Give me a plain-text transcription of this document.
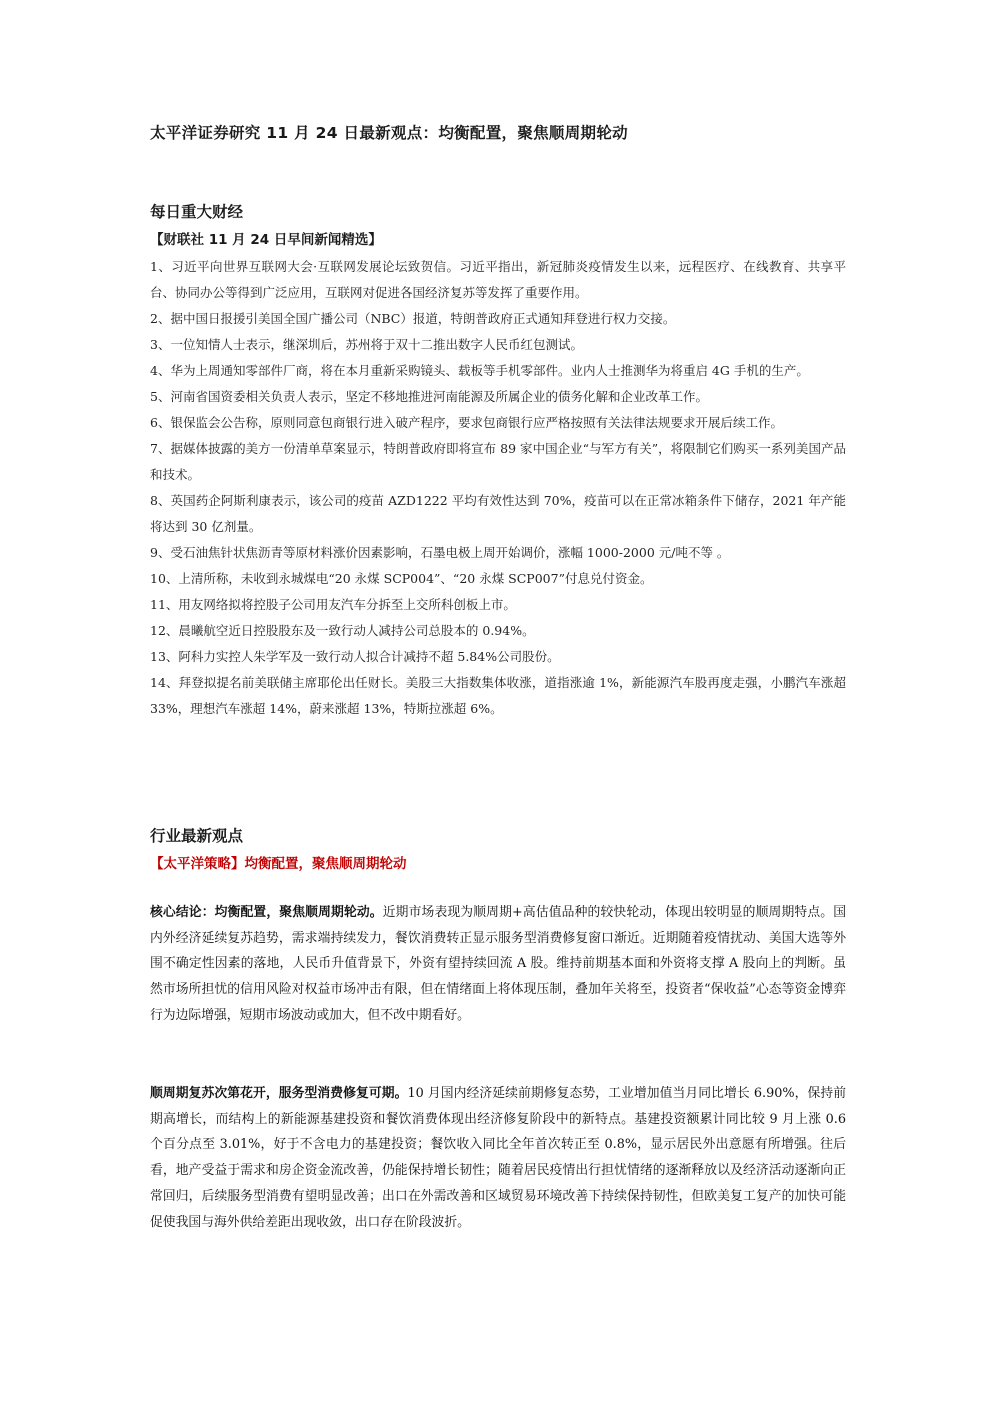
太平洋证券研究 11 月 24 日最新观点：均衡配置，聚焦顺周期轮动
每日重大财经
【财联社 11 月 24 日早间新闻精选】
1、习近平向世界互联网大会·互联网发展论坛致贺信。习近平指出，新冠肺炎疫情发生以来，远程医疗、在线教育、共享平台、协同办公等得到广泛应用，互联网对促进各国经济复苏等发挥了重要作用。
2、据中国日报援引美国全国广播公司（NBC）报道，特朗普政府正式通知拜登进行权力交接。
3、一位知情人士表示，继深圳后，苏州将于双十二推出数字人民币红包测试。
4、华为上周通知零部件厂商，将在本月重新采购镜头、载板等手机零部件。业内人士推测华为将重启 4G 手机的生产。
5、河南省国资委相关负责人表示，坚定不移地推进河南能源及所属企业的债务化解和企业改革工作。
6、银保监会公告称，原则同意包商银行进入破产程序，要求包商银行应严格按照有关法律法规要求开展后续工作。
7、据媒体披露的美方一份清单草案显示，特朗普政府即将宣布 89 家中国企业“与军方有关”，将限制它们购买一系列美国产品和技术。
8、英国药企阿斯利康表示，该公司的疫苗 AZD1222 平均有效性达到 70%，疫苗可以在正常冰箱条件下储存，2021 年产能将达到 30 亿剂量。
9、受石油焦针状焦沥青等原材料涨价因素影响，石墨电极上周开始调价，涨幅 1000-2000 元/吨不等 。
10、上清所称，未收到永城煤电“20 永煤 SCP004”、“20 永煤 SCP007”付息兑付资金。
11、用友网络拟将控股子公司用友汽车分拆至上交所科创板上市。
12、晨曦航空近日控股股东及一致行动人减持公司总股本的 0.94%。
13、阿科力实控人朱学军及一致行动人拟合计减持不超 5.84%公司股份。
14、拜登拟提名前美联储主席耶伦出任财长。美股三大指数集体收涨，道指涨逾 1%，新能源汽车股再度走强，小鹏汽车涨超 33%，理想汽车涨超 14%，蔚来涨超 13%，特斯拉涨超 6%。
行业最新观点
【太平洋策略】均衡配置，聚焦顺周期轮动

核心结论：均衡配置，聚焦顺周期轮动。近期市场表现为顺周期+高估值品种的较快轮动，体现出较明显的顺周期特点。国内外经济延续复苏趋势，需求端持续发力，餐饮消费转正显示服务型消费修复窗口渐近。近期随着疫情扰动、美国大选等外围不确定性因素的落地，人民币升值背景下，外资有望持续回流 A 股。维持前期基本面和外资将支撑 A 股向上的判断。虽然市场所担忧的信用风险对权益市场冲击有限，但在情绪面上将体现压制，叠加年关将至，投资者“保收益”心态等资金博弈行为边际增强，短期市场波动或加大，但不改中期看好。

顺周期复苏次第花开，服务型消费修复可期。10 月国内经济延续前期修复态势，工业增加值当月同比增长 6.90%，保持前期高增长，而结构上的新能源基建投资和餐饮消费体现出经济修复阶段中的新特点。基建投资额累计同比较 9 月上涨 0.6 个百分点至 3.01%，好于不含电力的基建投资；餐饮收入同比全年首次转正至 0.8%，显示居民外出意愿有所增强。往后看，地产受益于需求和房企资金流改善，仍能保持增长韧性；随着居民疫情出行担忧情绪的逐渐释放以及经济活动逐渐向正常回归，后续服务型消费有望明显改善；出口在外需改善和区域贸易环境改善下持续保持韧性，但欧美复工复产的加快可能促使我国与海外供给差距出现收敛，出口存在阶段波折。
